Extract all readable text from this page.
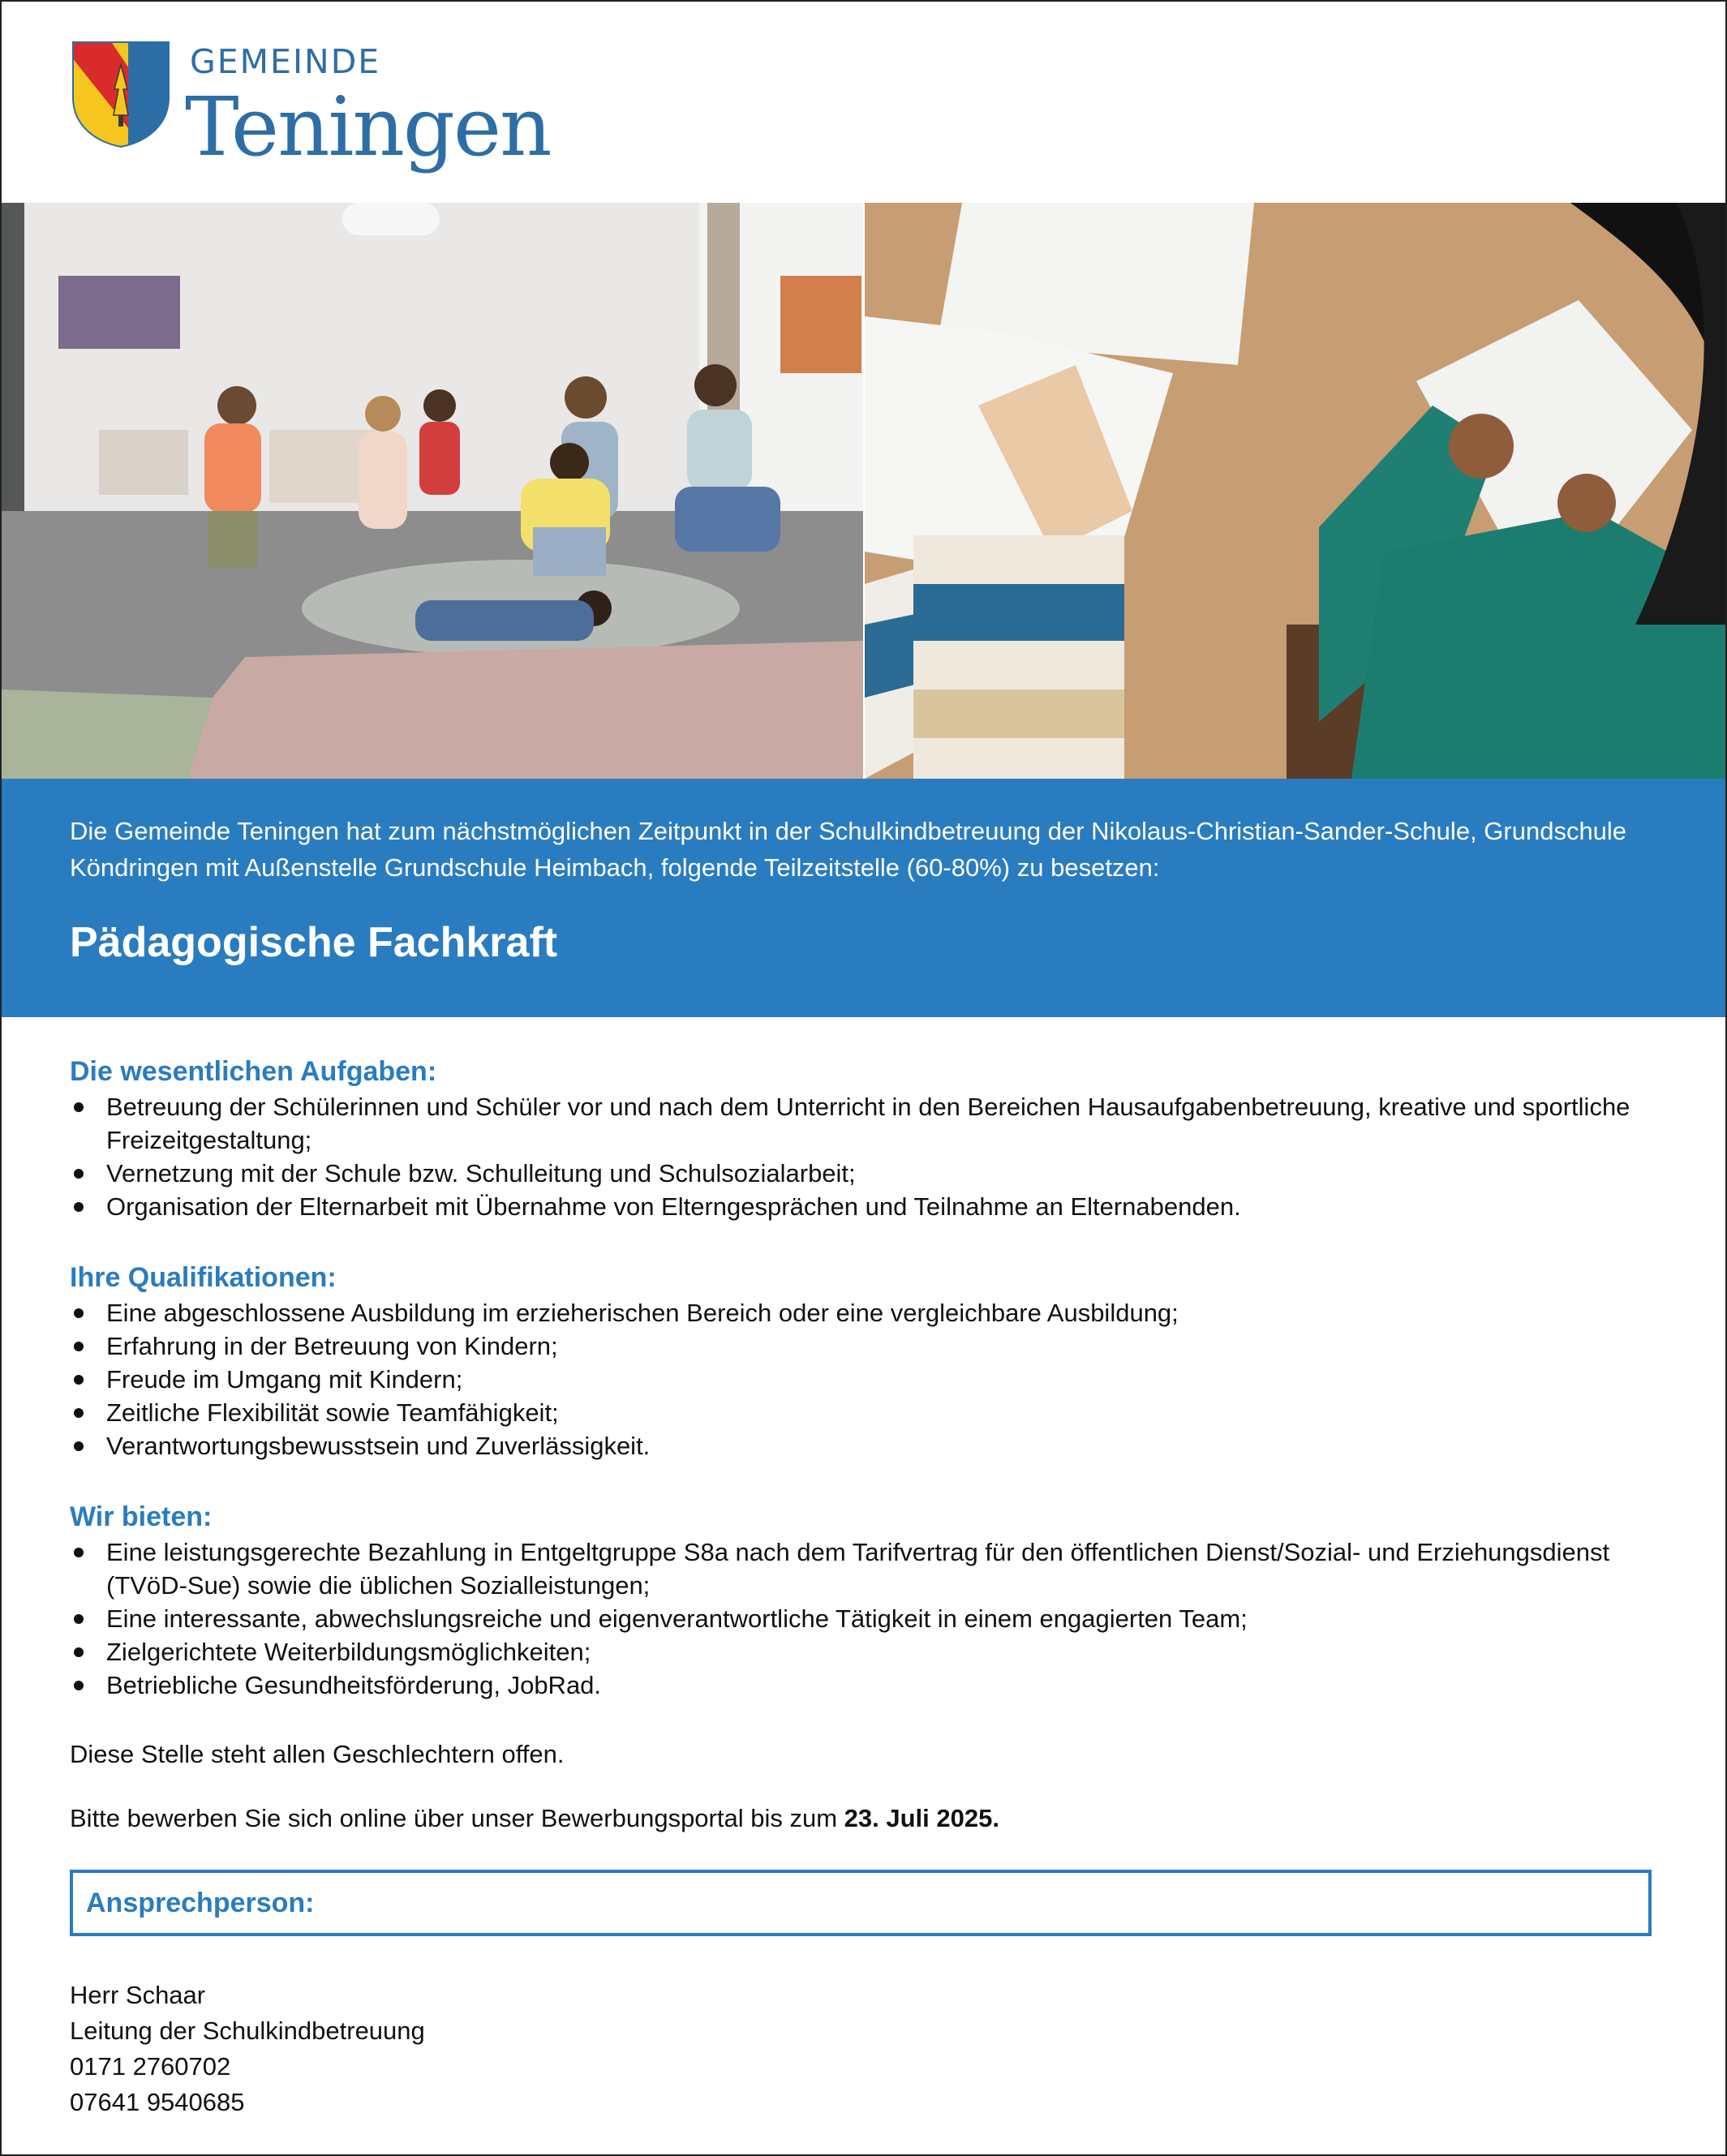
GEMEINDE
Teningen
Die Gemeinde Teningen hat zum nächstmöglichen Zeitpunkt in der Schulkindbetreuung der Nikolaus-Christian-Sander-Schule, Grundschule Köndringen mit Außenstelle Grundschule Heimbach, folgende Teilzeitstelle (60-80%) zu besetzen:
Pädagogische Fachkraft
Die wesentlichen Aufgaben:
Betreuung der Schülerinnen und Schüler vor und nach dem Unterricht in den Bereichen Hausaufgabenbetreuung, kreative und sportliche Freizeitgestaltung;
Vernetzung mit der Schule bzw. Schulleitung und Schulsozialarbeit;
Organisation der Elternarbeit mit Übernahme von Elterngesprächen und Teilnahme an Elternabenden.
Ihre Qualifikationen:
Eine abgeschlossene Ausbildung im erzieherischen Bereich oder eine vergleichbare Ausbildung;
Erfahrung in der Betreuung von Kindern;
Freude im Umgang mit Kindern;
Zeitliche Flexibilität sowie Teamfähigkeit;
Verantwortungsbewusstsein und Zuverlässigkeit.
Wir bieten:
Eine leistungsgerechte Bezahlung in Entgeltgruppe S8a nach dem Tarifvertrag für den öffentlichen Dienst/Sozial- und Erziehungsdienst (TVöD-Sue) sowie die üblichen Sozialleistungen;
Eine interessante, abwechslungsreiche und eigenverantwortliche Tätigkeit in einem engagierten Team;
Zielgerichtete Weiterbildungsmöglichkeiten;
Betriebliche Gesundheitsförderung, JobRad.

Diese Stelle steht allen Geschlechtern offen.

Bitte bewerben Sie sich online über unser Bewerbungsportal bis zum 23. Juli 2025.

Ansprechperson:
Herr Schaar
Leitung der Schulkindbetreuung
0171 2760702
07641 9540685
